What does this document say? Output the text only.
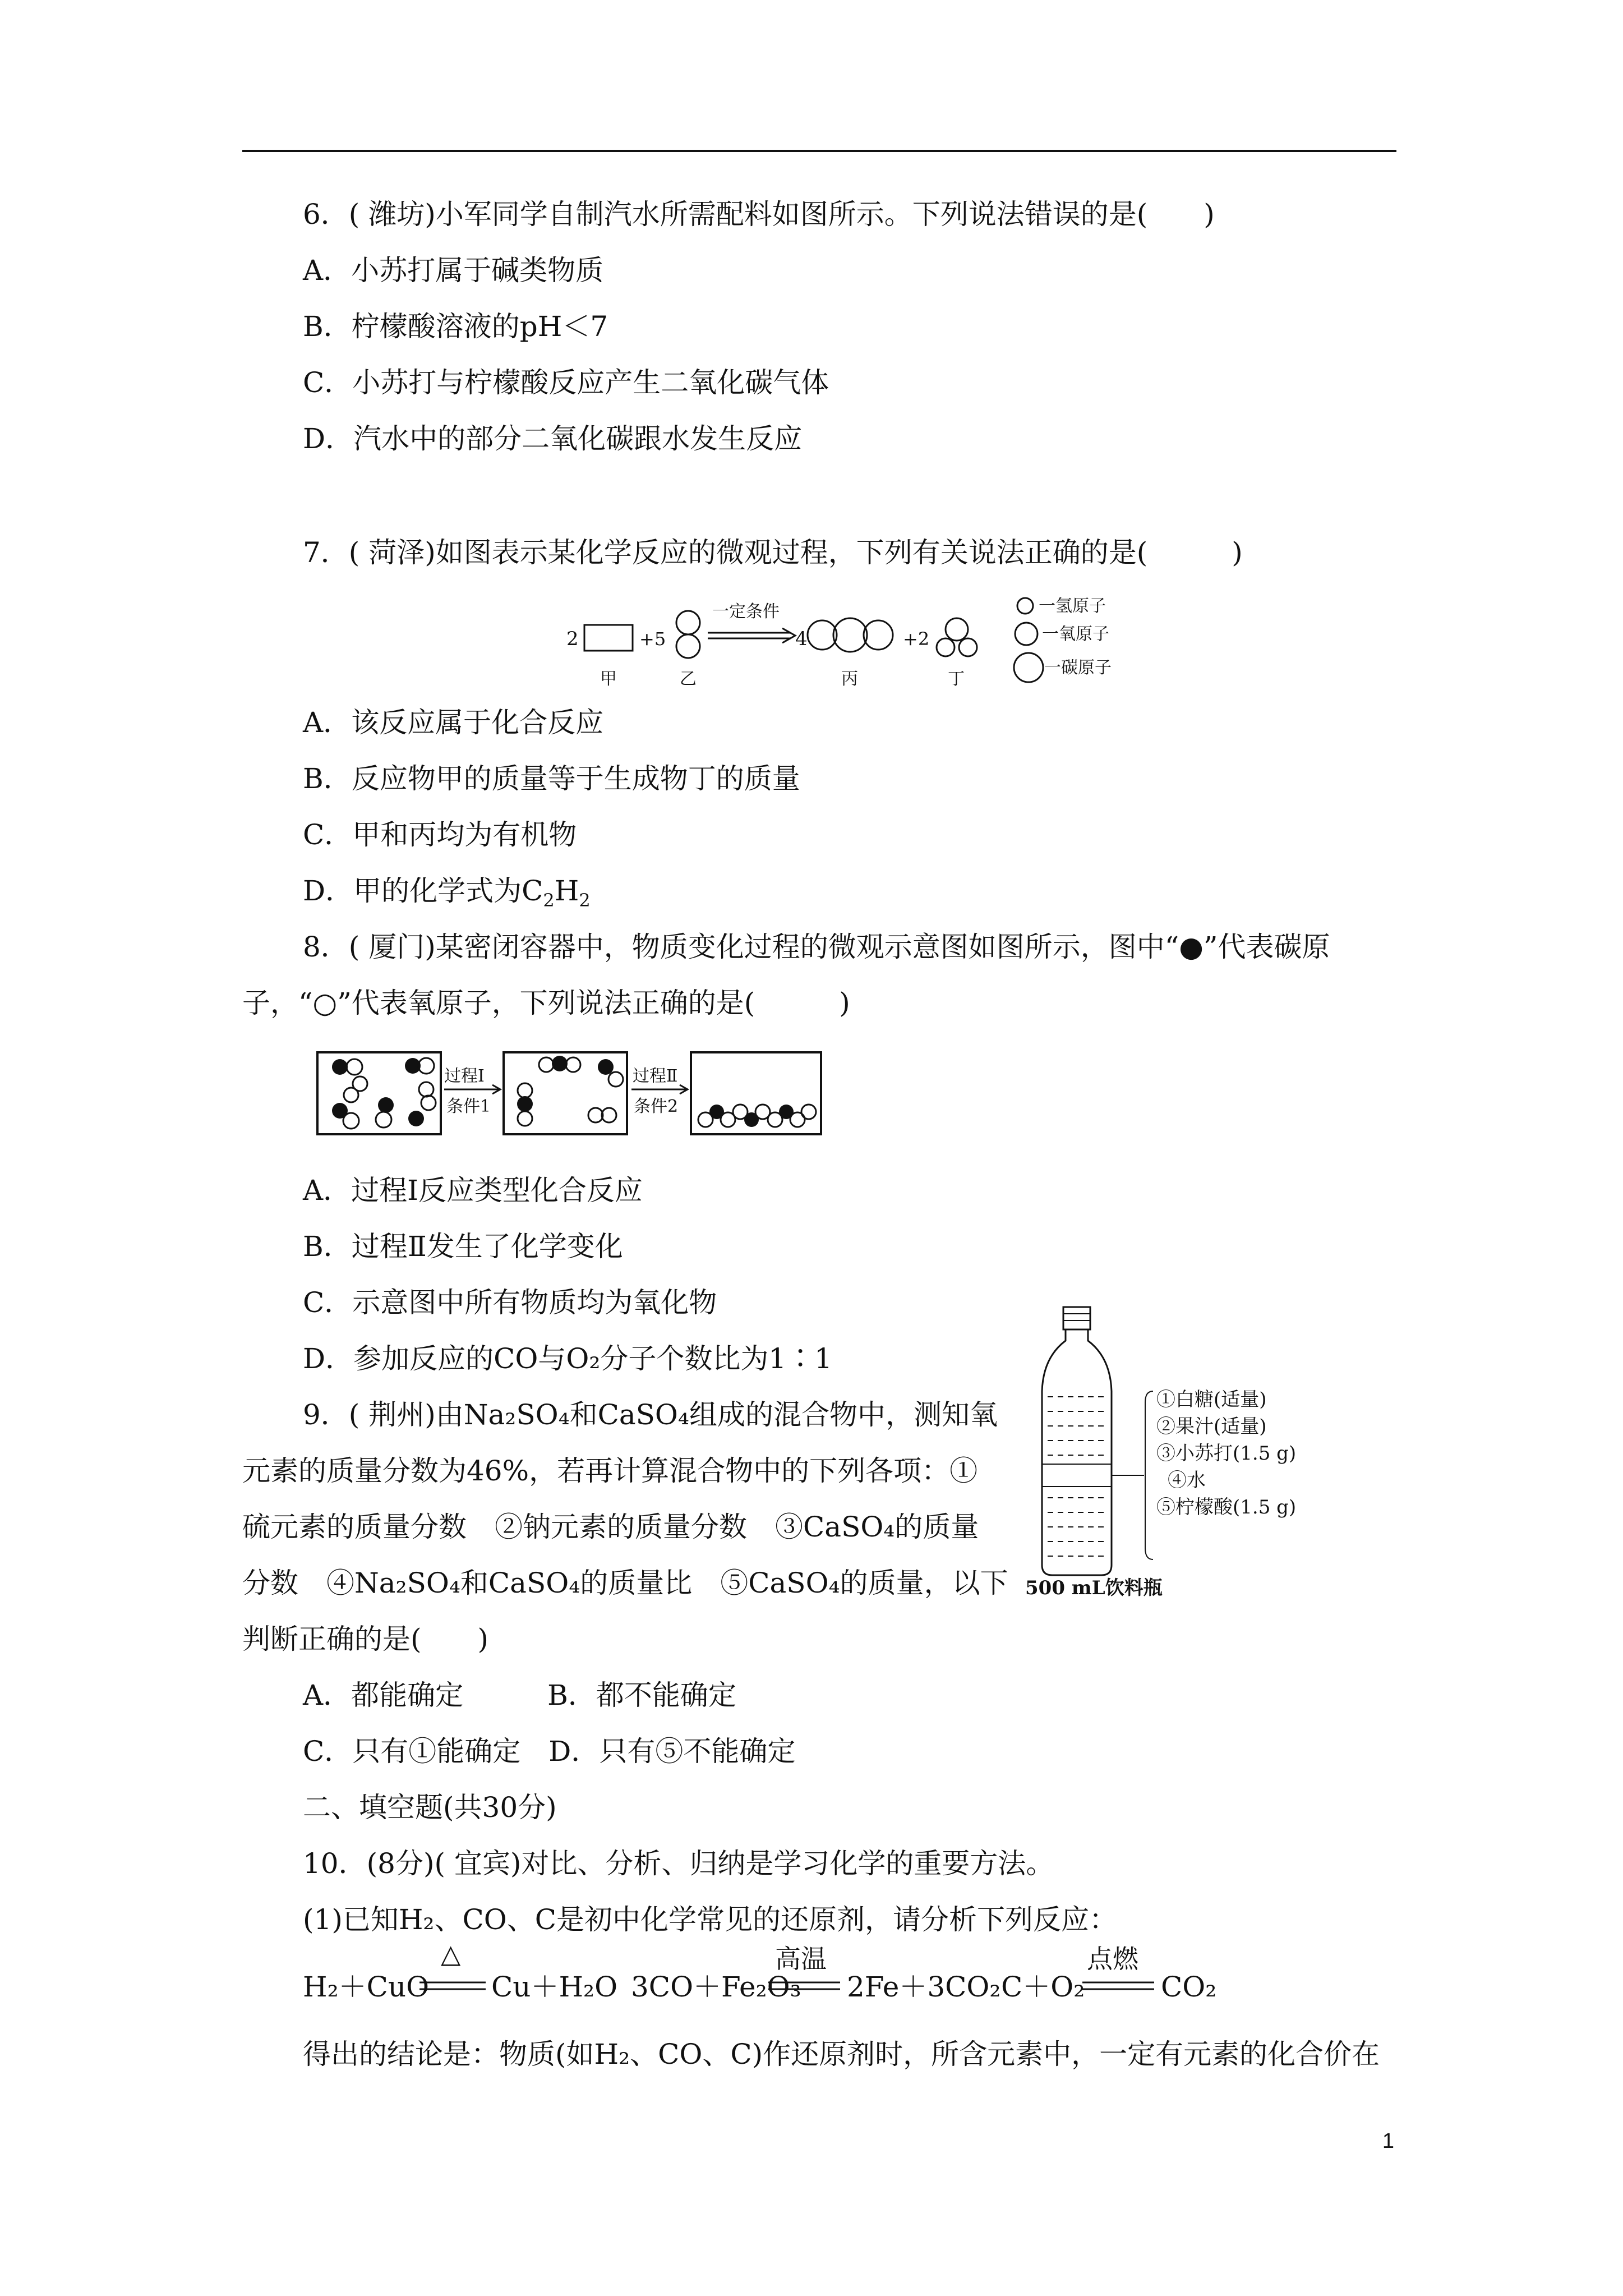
6．( 潍坊)小军同学自制汽水所需配料如图所示。下列说法错误的是(　　)
A．小苏打属于碱类物质
B．柠檬酸溶液的pH＜7
C．小苏打与柠檬酸反应产生二氧化碳气体
D．汽水中的部分二氧化碳跟水发生反应
7．( 菏泽)如图表示某化学反应的微观过程，下列有关说法正确的是(　　　)
2	+5
一定条件
4	+2
甲	乙	丙	丁
一氢原子
一氧原子
一碳原子
A．该反应属于化合反应
B．反应物甲的质量等于生成物丁的质量
C．甲和丙均为有机物
D．甲的化学式为$C_2H_2$
8．( 厦门)某密闭容器中，物质变化过程的微观示意图如图所示，图中“●”代表碳原
子，“○”代表氧原子，下列说法正确的是(　　　)
过程Ⅰ
条件1
过程Ⅱ
条件2
A．过程Ⅰ反应类型化合反应
B．过程Ⅱ发生了化学变化
C．示意图中所有物质均为氧化物
D．参加反应的CO与O₂分子个数比为1∶1
①白糖(适量)
②果汁(适量)
③小苏打(1.5 g)
④水
⑤柠檬酸(1.5 g)
500 mL饮料瓶
9．( 荆州)由Na₂SO₄和CaSO₄组成的混合物中，测知氧
元素的质量分数为46%，若再计算混合物中的下列各项：①
硫元素的质量分数　②钠元素的质量分数　③CaSO₄的质量
分数　④Na₂SO₄和CaSO₄的质量比　⑤CaSO₄的质量，以下
判断正确的是(　　)
A．都能确定　　　B．都不能确定
C．只有①能确定　D．只有⑤不能确定
二、填空题(共30分)
10．(8分)( 宜宾)对比、分析、归纳是学习化学的重要方法。
(1)已知H₂、CO、C是初中化学常见的还原剂，请分析下列反应：
H₂＋CuO
△
Cu＋H₂O 3CO＋Fe₂O₃
高温
2Fe＋3CO₂ C＋O₂
点燃
CO₂
得出的结论是：物质(如H₂、CO、C)作还原剂时，所含元素中，一定有元素的化合价在
1
